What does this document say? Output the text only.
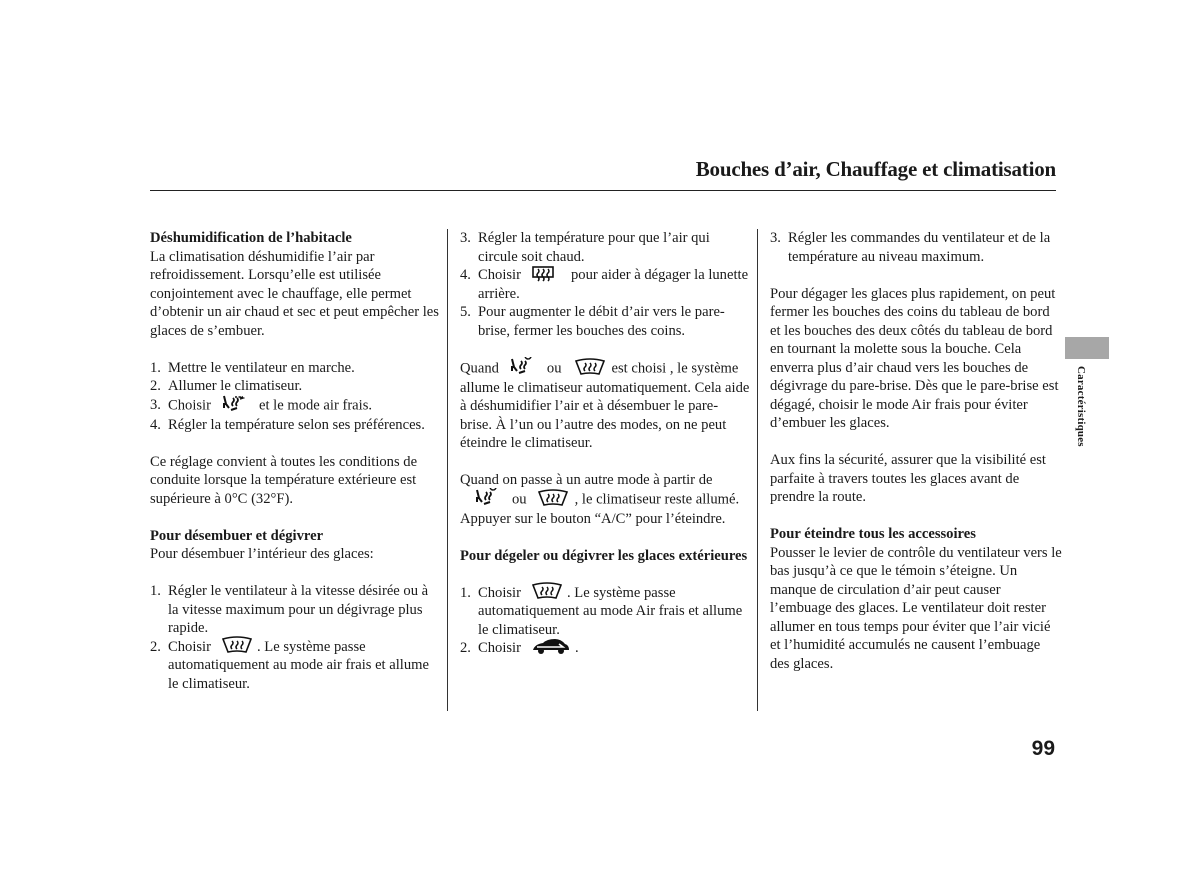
Bouches d’air, Chauffage et climatisation

Déshumidification de l’habitacle

La climatisation déshumidifie l’air par refroidissement. Lorsqu’elle est utilisée conjointement avec le chauffage, elle permet d’obtenir un air chaud et sec et peut empêcher les glaces de s’embuer.

1. Mettre le ventilateur en marche.
2. Allumer le climatiseur.
3. Choisir	et le mode air frais.
4. Régler la température selon ses préférences.

Ce réglage convient à toutes les conditions de conduite lorsque la température extérieure est supérieure à 0°C (32°F).

Pour désembuer et dégivrer

Pour désembuer l’intérieur des glaces:

1. Régler le ventilateur à la vitesse désirée ou à la vitesse maximum pour un dégivrage plus rapide.
2. Choisir	. Le système passe automatiquement au mode air frais et allume le climatiseur.
3. Régler la température pour que l’air qui circule soit chaud.
4. Choisir	pour aider à dégager la lunette arrière.
5. Pour augmenter le débit d’air vers le pare-brise, fermer les bouches des coins.

Quand	ou	est choisi , le système allume le climatiseur automatiquement. Cela aide à déshumidifier l’air et à désembuer le pare-brise. À l’un ou l’autre des modes, on ne peut éteindre le climatiseur.

Quand on passe à un autre mode à partir de

ou	, le climatiseur reste allumé. Appuyer sur le bouton “A/C” pour l’éteindre.

Pour dégeler ou dégivrer les glaces extérieures

1. Choisir	. Le système passe automatiquement au mode Air frais et allume le climatiseur.
2. Choisir	.
3. Régler les commandes du ventilateur et de la température au niveau maximum.

Pour dégager les glaces plus rapidement, on peut fermer les bouches des coins du tableau de bord et les bouches des deux côtés du tableau de bord en tournant la molette sous la bouche. Cela enverra plus d’air chaud vers les bouches de dégivrage du pare-brise. Dès que le pare-brise est dégagé, choisir le mode Air frais pour éviter d’embuer les glaces.

Aux fins la sécurité, assurer que la visibilité est parfaite à travers toutes les glaces avant de prendre la route.

Pour éteindre tous les accessoires

Pousser le levier de contrôle du ventilateur vers le bas jusqu’à ce que le témoin s’éteigne. Un manque de circulation d’air peut causer l’embuage des glaces. Le ventilateur doit rester allumer en tous temps pour éviter que l’air vicié et l’humidité accumulés ne causent l’embuage des glaces.

Caractéristiques
99
